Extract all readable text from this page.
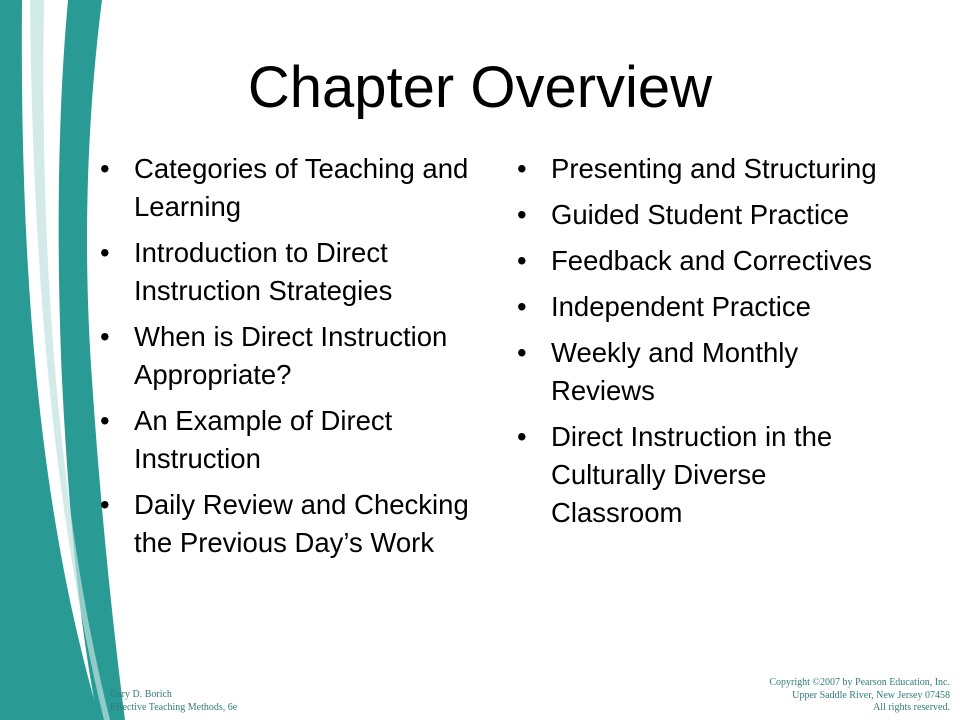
Chapter Overview
• Categories of Teaching and Learning
• Introduction to Direct Instruction Strategies
• When is Direct Instruction Appropriate?
• An Example of Direct Instruction
• Daily Review and Checking the Previous Day’s Work
• Presenting and Structuring
• Guided Student Practice
• Feedback and Correctives
• Independent Practice
• Weekly and Monthly Reviews
• Direct Instruction in the Culturally Diverse Classroom
Gary D. Borich
Effective Teaching Methods, 6e
Copyright ©2007 by Pearson Education, Inc.
Upper Saddle River, New Jersey 07458
All rights reserved.
